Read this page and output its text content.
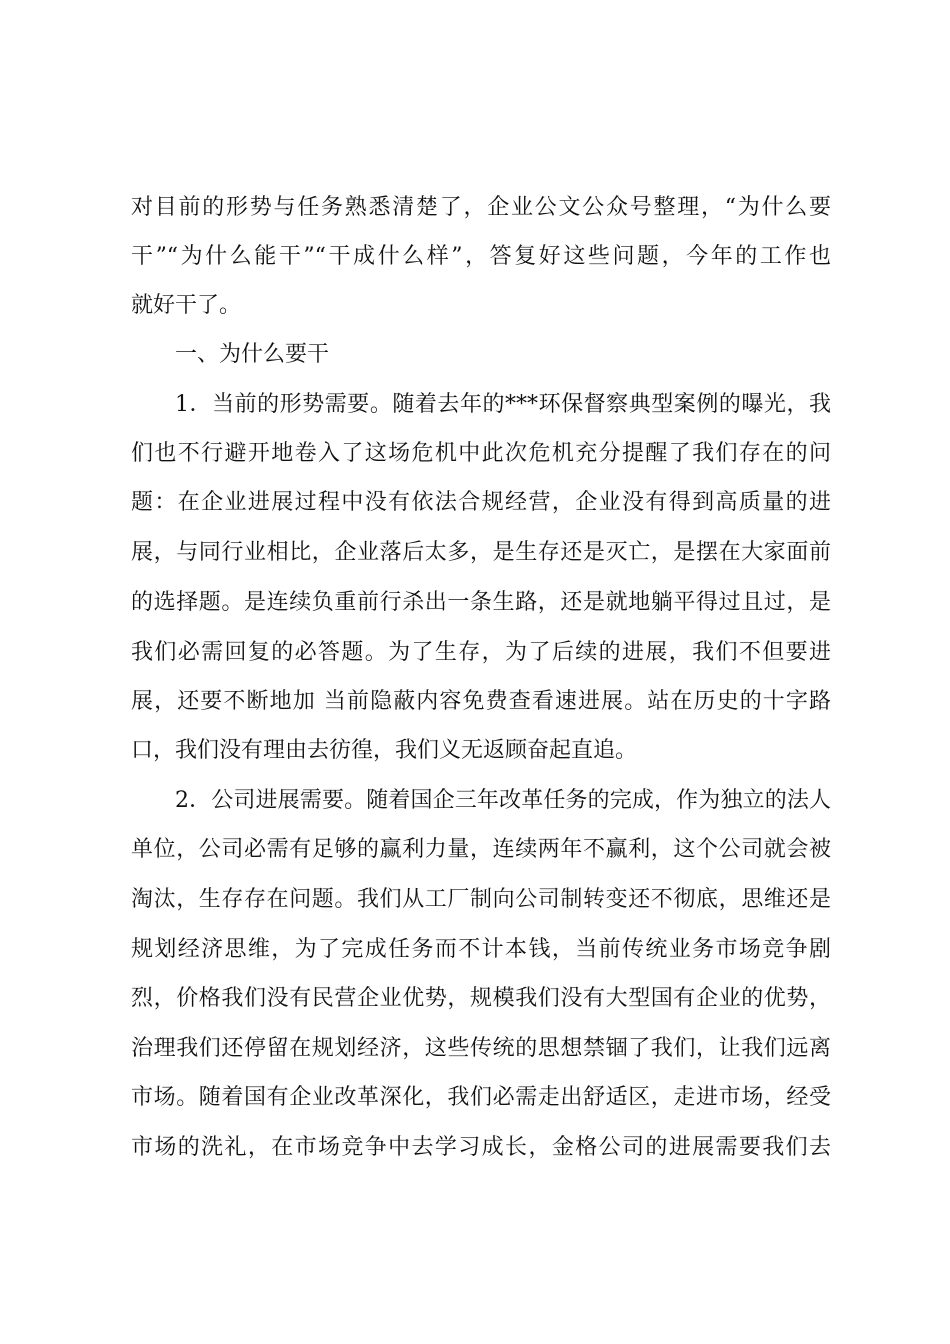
对目前的形势与任务熟悉清楚了，企业公文公众号整理，“为什么要
干”“为什么能干”“干成什么样”，答复好这些问题，今年的工作也
就好干了。
一、为什么要干
1．当前的形势需要。随着去年的***环保督察典型案例的曝光，我
们也不行避开地卷入了这场危机中此次危机充分提醒了我们存在的问
题：在企业进展过程中没有依法合规经营，企业没有得到高质量的进
展，与同行业相比，企业落后太多，是生存还是灭亡，是摆在大家面前
的选择题。是连续负重前行杀出一条生路，还是就地躺平得过且过，是
我们必需回复的必答题。为了生存，为了后续的进展，我们不但要进
展，还要不断地加 当前隐蔽内容免费查看速进展。站在历史的十字路
口，我们没有理由去彷徨，我们义无返顾奋起直追。
2．公司进展需要。随着国企三年改革任务的完成，作为独立的法人
单位，公司必需有足够的赢利力量，连续两年不赢利，这个公司就会被
淘汰，生存存在问题。我们从工厂制向公司制转变还不彻底，思维还是
规划经济思维，为了完成任务而不计本钱，当前传统业务市场竞争剧
烈，价格我们没有民营企业优势，规模我们没有大型国有企业的优势，
治理我们还停留在规划经济，这些传统的思想禁锢了我们，让我们远离
市场。随着国有企业改革深化，我们必需走出舒适区，走进市场，经受
市场的洗礼，在市场竞争中去学习成长，金格公司的进展需要我们去
